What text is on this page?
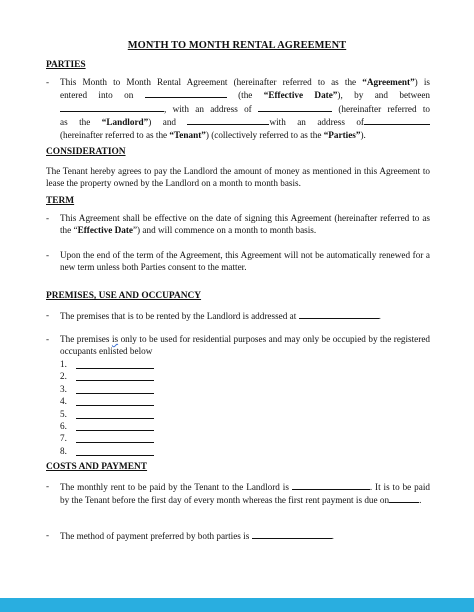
MONTH TO MONTH RENTAL AGREEMENT
PARTIES
- This Month to Month Rental Agreement (hereinafter referred to as the “Agreement”) is
entered into on	(the “Effective Date”), by and between
, with an address of	(hereinafter referred to
as the “Landlord”) and	with an address of
(hereinafter referred to as the “Tenant”) (collectively referred to as the “Parties”).
CONSIDERATION
The Tenant hereby agrees to pay the Landlord the amount of money as mentioned in this Agreement to lease the property owned by the Landlord on a month to month basis.
TERM
- This Agreement shall be effective on the date of signing this Agreement (hereinafter referred to as the “Effective Date”) and will commence on a month to month basis.
- Upon the end of the term of the Agreement, this Agreement will not be automatically renewed for a new term unless both Parties consent to the matter.
PREMISES, USE AND OCCUPANCY
- The premises that is to be rented by the Landlord is addressed at	.
- The premises is only to be used for residential purposes and may only be occupied by the registered occupants enlisted below
1.
2.
3.
4.
5.
6.
7.
8.
COSTS AND PAYMENT
- The monthly rent to be paid by the Tenant to the Landlord is	. It is to be paid by the Tenant before the first day of every month whereas the first rent payment is due on	.
- The method of payment preferred by both parties is	.
